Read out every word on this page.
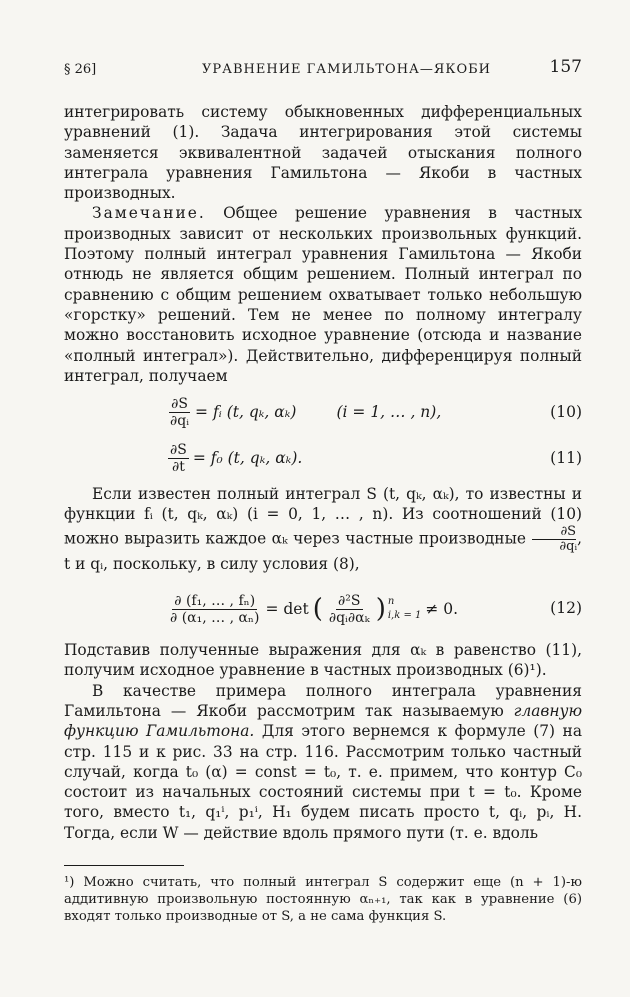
§ 26]	УРАВНЕНИЕ ГАМИЛЬТОНА—ЯКОБИ	157

интегрировать систему обыкновенных дифференциальных уравнений (1). Задача интегрирования этой системы заменяется эквивалентной задачей отыскания полного интеграла уравнения Гамильтона — Якоби в частных производных.

Замечание. Общее решение уравнения в частных производных зависит от нескольких произвольных функций. Поэтому полный интеграл уравнения Гамильтона — Якоби отнюдь не является общим решением. Полный интеграл по сравнению с общим решением охватывает только небольшую «горстку» решений. Тем не менее по полному интегралу можно восстановить исходное уравнение (отсюда и название «полный интеграл»). Действительно, дифференцируя полный интеграл, получаем

$\frac{\partial S}{\text{∂qᵢ}}$ = fᵢ (t, qₖ, αₖ)	(i = 1, … , n),	(10)
$\frac{\partial S}{\partial t} = f_0$ (t, qₖ, αₖ).	(11)

Если известен полный интеграл S (t, qₖ, αₖ), то известны и функции fᵢ (t, qₖ, αₖ) (i = 0, 1, … , n). Из соотношений (10) можно выразить каждое αₖ через частные производные $\frac{\partial S}{\text{∂qᵢ}}$ , t и qᵢ, поскольку, в силу условия (8),

$\frac{\text{∂ (f₁, … , fₙ)}}{\text{∂ (α₁, … , αₙ)}} = \det$ ( $\frac{\text{∂²S}}{\text{∂qᵢ∂αₖ}}$ ) n
i,k = 1 ≠ 0.	(12)

Подставив полученные выражения для αₖ в равенство (11), получим исходное уравнение в частных производных (6)¹).

В качестве примера полного интеграла уравнения Гамильтона — Якоби рассмотрим так называемую главную функцию Гамильтона. Для этого вернемся к формуле (7) на стр. 115 и к рис. 33 на стр. 116. Рассмотрим только частный случай, когда t₀ (α) = const = t₀, т. е. примем, что контур C₀ состоит из начальных состояний системы при t = t₀. Кроме того, вместо t₁, q₁ⁱ, p₁ⁱ, H₁ будем писать просто t, qᵢ, pᵢ, H. Тогда, если W — действие вдоль прямого пути (т. е. вдоль

¹) Можно считать, что полный интеграл S содержит еще (n + 1)-ю аддитивную произвольную постоянную αₙ₊₁, так как в уравнение (6) входят только производные от S, а не сама функция S.
